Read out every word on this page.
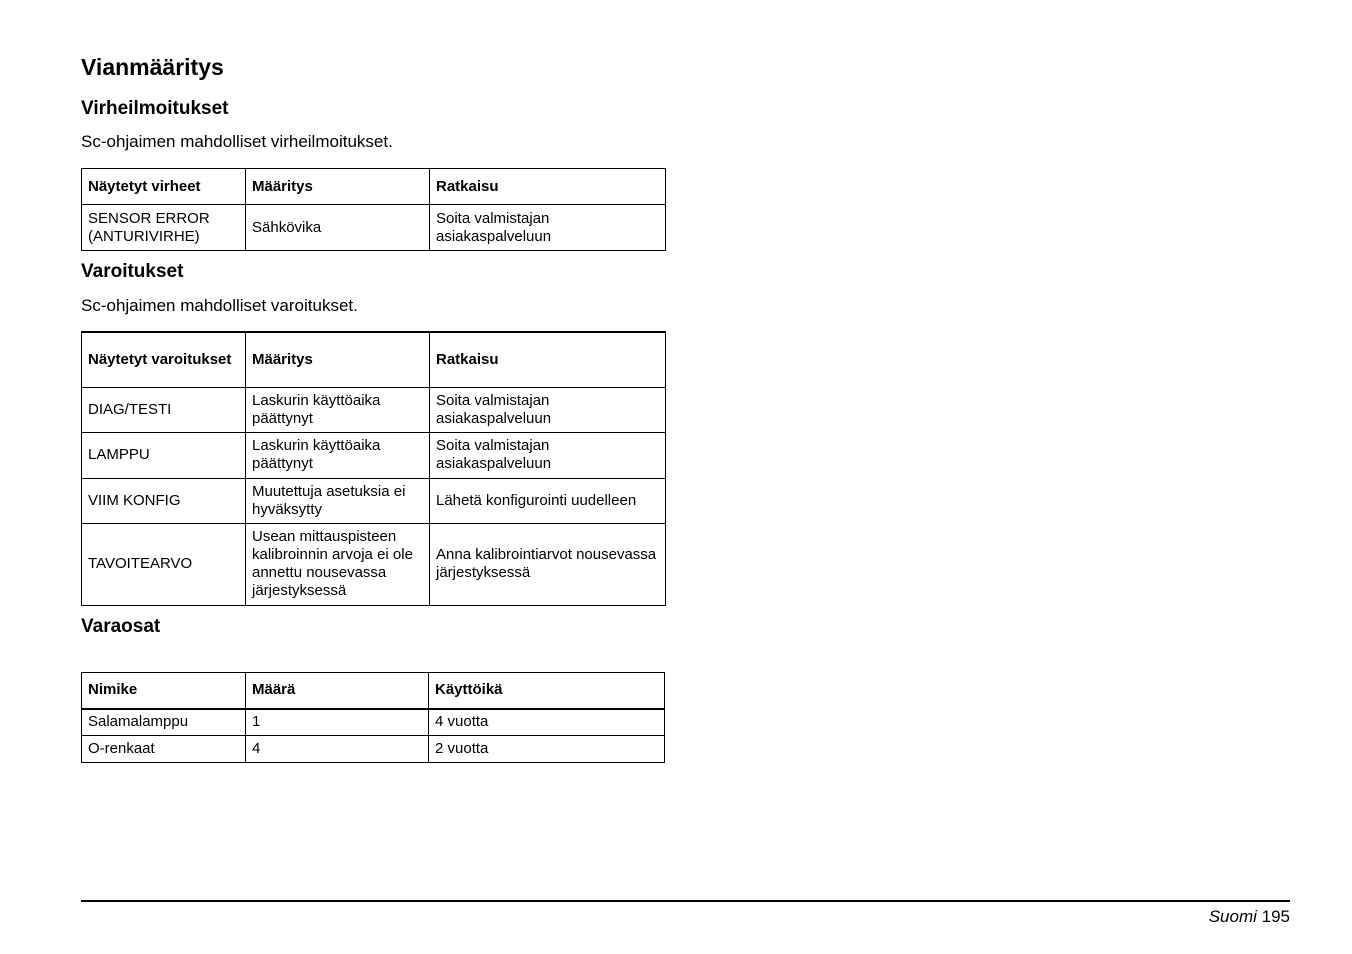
Vianmääritys
Virheilmoitukset

Sc-ohjaimen mahdolliset virheilmoitukset.

Näytetyt virheet	Määritys	Ratkaisu
SENSOR ERROR (ANTURIVIRHE)	Sähkövika	Soita valmistajan asiakaspalveluun
Varoitukset

Sc-ohjaimen mahdolliset varoitukset.

Näytetyt varoitukset	Määritys	Ratkaisu
DIAG/TESTI	Laskurin käyttöaika päättynyt	Soita valmistajan asiakaspalveluun
LAMPPU	Laskurin käyttöaika päättynyt	Soita valmistajan asiakaspalveluun
VIIM KONFIG	Muutettuja asetuksia ei hyväksytty	Lähetä konfigurointi uudelleen
TAVOITEARVO	Usean mittauspisteen kalibroinnin arvoja ei ole annettu nousevassa järjestyksessä	Anna kalibrointiarvot nousevassa järjestyksessä
Varaosat
Nimike	Määrä	Käyttöikä
Salamalamppu	1	4 vuotta
O-renkaat	4	2 vuotta
Suomi 195
